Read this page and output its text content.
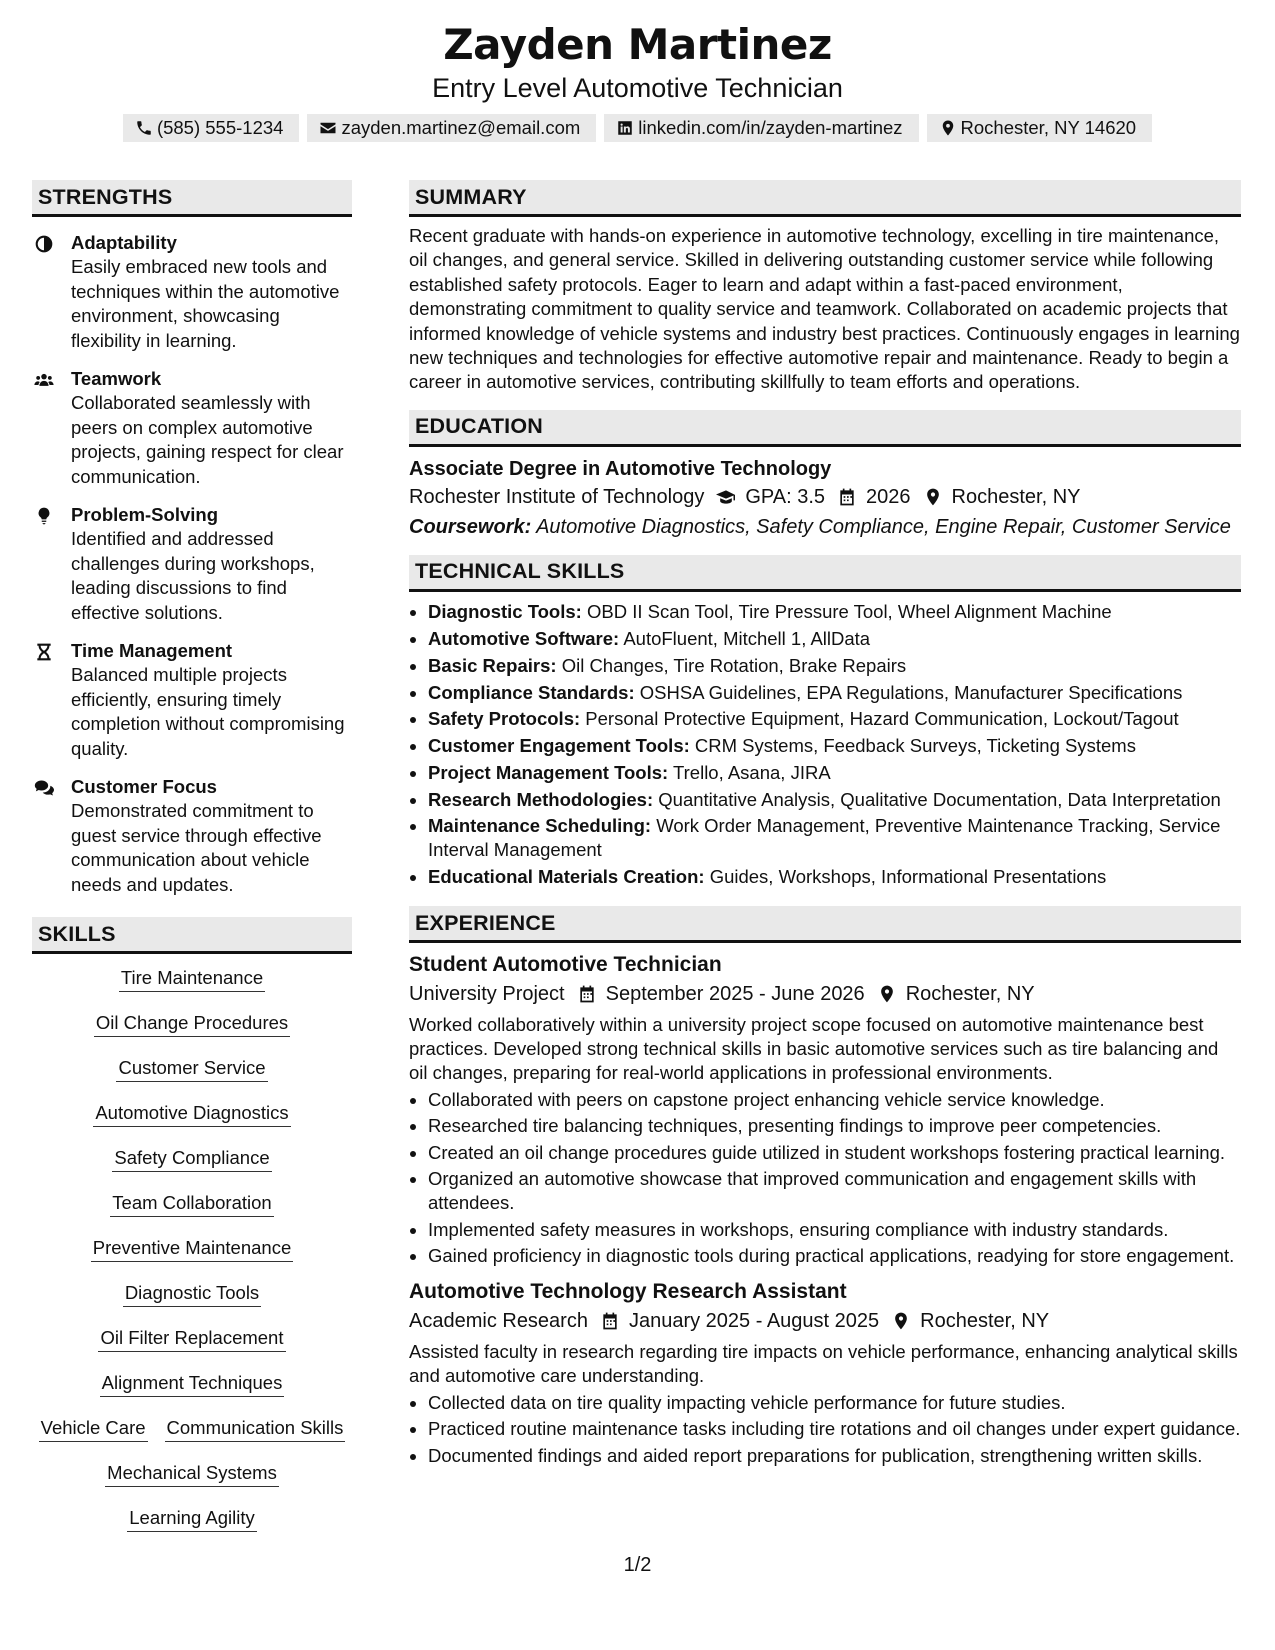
Zayden Martinez
Entry Level Automotive Technician
(585) 555-1234	zayden.martinez@email.com	linkedin.com/in/zayden-martinez	Rochester, NY 14620
STRENGTHS
Adaptability
Easily embraced new tools and techniques within the automotive environment, showcasing flexibility in learning.
Teamwork
Collaborated seamlessly with peers on complex automotive projects, gaining respect for clear communication.
Problem-Solving
Identified and addressed challenges during workshops, leading discussions to find effective solutions.
Time Management
Balanced multiple projects efficiently, ensuring timely completion without compromising quality.
Customer Focus
Demonstrated commitment to guest service through effective communication about vehicle needs and updates.
SKILLS
Tire Maintenance
Oil Change Procedures
Customer Service
Automotive Diagnostics
Safety Compliance
Team Collaboration
Preventive Maintenance
Diagnostic Tools
Oil Filter Replacement
Alignment Techniques
Vehicle Care Communication Skills
Mechanical Systems
Learning Agility
SUMMARY
Recent graduate with hands-on experience in automotive technology, excelling in tire maintenance, oil changes, and general service. Skilled in delivering outstanding customer service while following established safety protocols. Eager to learn and adapt within a fast-paced environment, demonstrating commitment to quality service and teamwork. Collaborated on academic projects that informed knowledge of vehicle systems and industry best practices. Continuously engages in learning new techniques and technologies for effective automotive repair and maintenance. Ready to begin a career in automotive services, contributing skillfully to team efforts and operations.
EDUCATION
Associate Degree in Automotive Technology
Rochester Institute of Technology GPA: 3.5 2026 Rochester, NY
Coursework: Automotive Diagnostics, Safety Compliance, Engine Repair, Customer Service
TECHNICAL SKILLS
• Diagnostic Tools: OBD II Scan Tool, Tire Pressure Tool, Wheel Alignment Machine
• Automotive Software: AutoFluent, Mitchell 1, AllData
• Basic Repairs: Oil Changes, Tire Rotation, Brake Repairs
• Compliance Standards: OSHSA Guidelines, EPA Regulations, Manufacturer Specifications
• Safety Protocols: Personal Protective Equipment, Hazard Communication, Lockout/Tagout
• Customer Engagement Tools: CRM Systems, Feedback Surveys, Ticketing Systems
• Project Management Tools: Trello, Asana, JIRA
• Research Methodologies: Quantitative Analysis, Qualitative Documentation, Data Interpretation
• Maintenance Scheduling: Work Order Management, Preventive Maintenance Tracking, Service Interval Management
• Educational Materials Creation: Guides, Workshops, Informational Presentations
EXPERIENCE
Student Automotive Technician
University Project September 2025 - June 2026 Rochester, NY
Worked collaboratively within a university project scope focused on automotive maintenance best practices. Developed strong technical skills in basic automotive services such as tire balancing and oil changes, preparing for real-world applications in professional environments.
• Collaborated with peers on capstone project enhancing vehicle service knowledge.
• Researched tire balancing techniques, presenting findings to improve peer competencies.
• Created an oil change procedures guide utilized in student workshops fostering practical learning.
• Organized an automotive showcase that improved communication and engagement skills with attendees.
• Implemented safety measures in workshops, ensuring compliance with industry standards.
• Gained proficiency in diagnostic tools during practical applications, readying for store engagement.
Automotive Technology Research Assistant
Academic Research January 2025 - August 2025 Rochester, NY
Assisted faculty in research regarding tire impacts on vehicle performance, enhancing analytical skills and automotive care understanding.
• Collected data on tire quality impacting vehicle performance for future studies.
• Practiced routine maintenance tasks including tire rotations and oil changes under expert guidance.
• Documented findings and aided report preparations for publication, strengthening written skills.
1/2
